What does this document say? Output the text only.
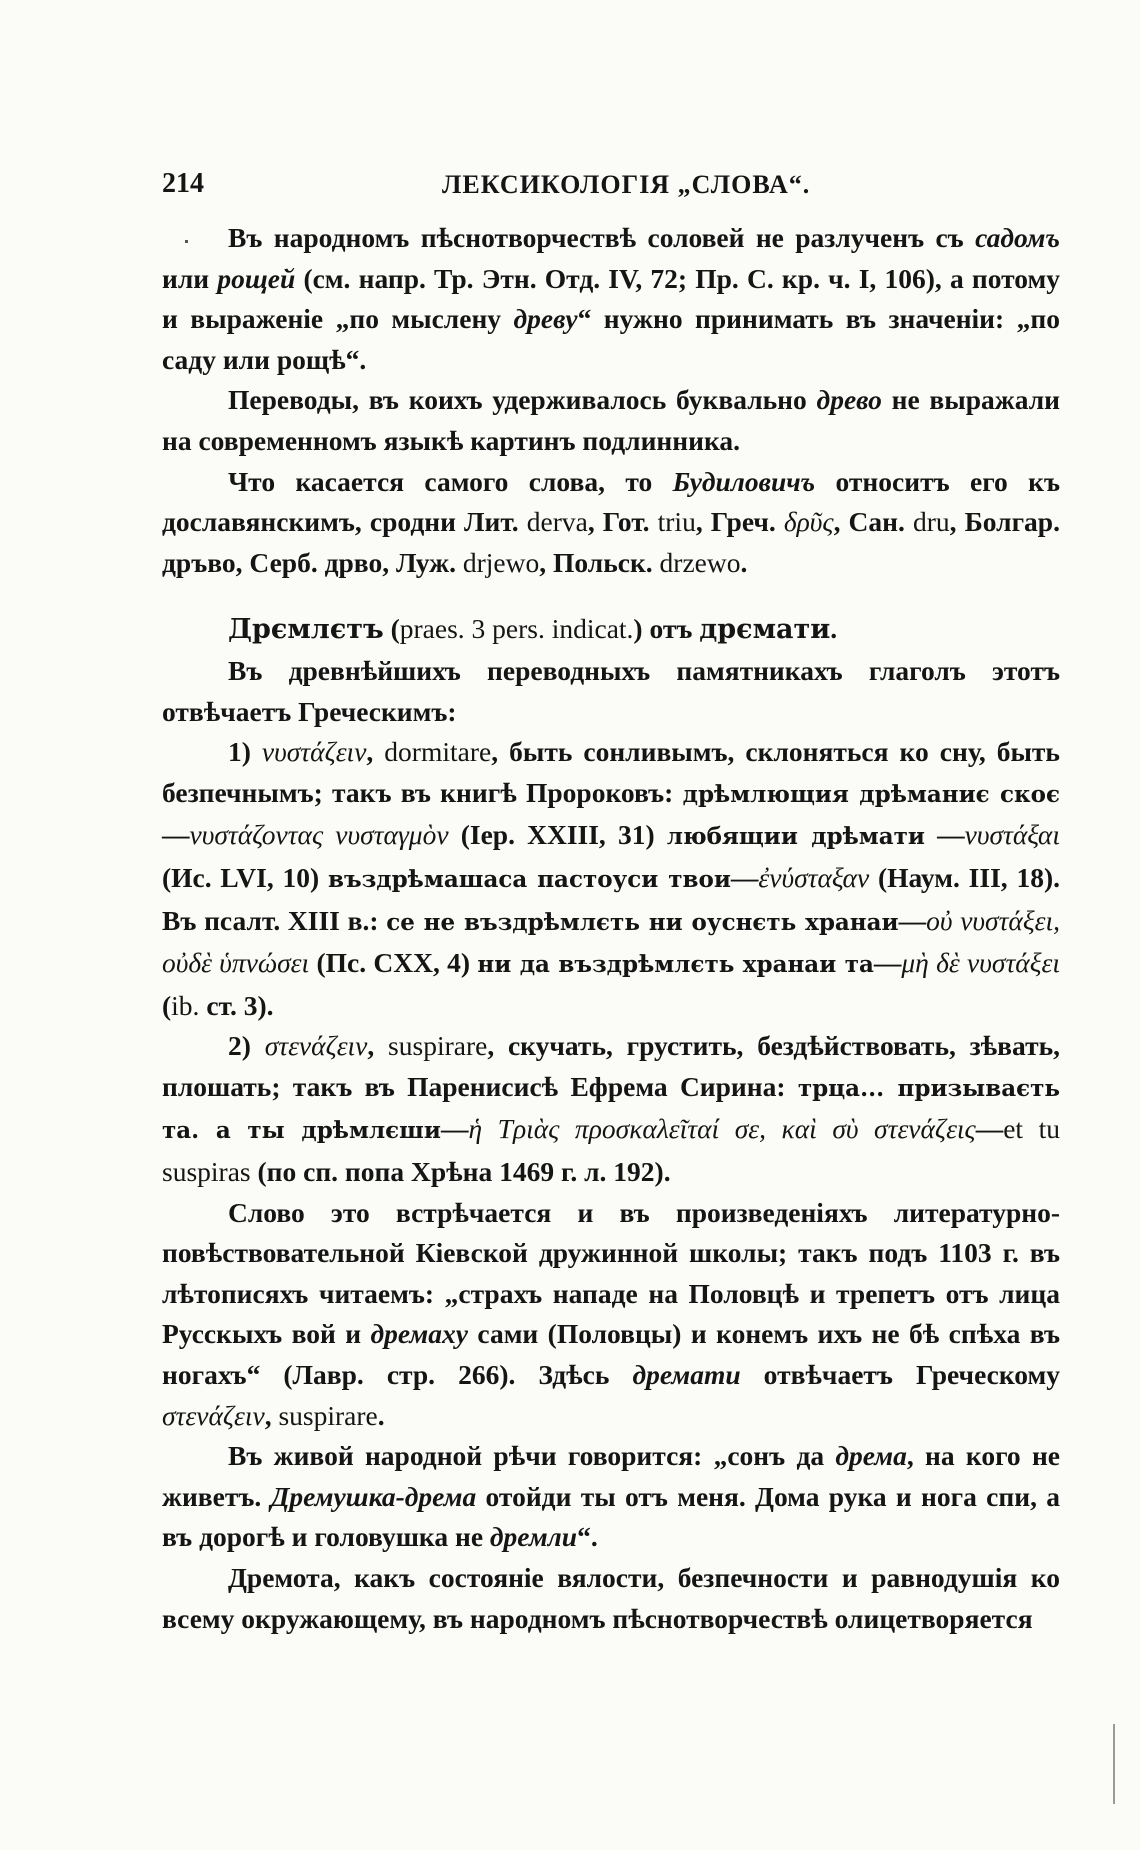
214	ЛЕКСИКОЛОГІЯ „СЛОВА“.

Въ народномъ пѣснотворчествѣ соловей не разлученъ съ садомъ или рощей (см. напр. Тр. Этн. Отд. IV, 72; Пр. С. кр. ч. I, 106), а потому и выраженіе „по мыслену древу“ нужно принимать въ значеніи: „по саду или рощѣ“.

Переводы, въ коихъ удерживалось буквально древо не выражали на современномъ языкѣ картинъ подлинника.

Что касается самого слова, то Будиловичъ относитъ его къ дославянскимъ, сродни Лит. dervа, Гот. triu, Греч. δρῦς, Сан. dru, Болгар. дръво, Серб. дрво, Луж. drjewo, Польск. drzewo.

Дрємлєтъ (praes. 3 pers. indicat.) отъ дрємати.

Въ древнѣйшихъ переводныхъ памятникахъ глаголъ этотъ отвѣчаетъ Греческимъ:

1) νυστάζειν, dormitare, быть сонливымъ, склоняться ко сну, быть безпечнымъ; такъ въ книгѣ Пророковъ: дрѣмлющия дрѣманиє скоє—νυστάζοντας νυσταγμὸν (Iер. XXIII, 31) любящии дрѣмати —νυστάξαι (Ис. LVI, 10) въздрѣмашаса пастоуси твои—ἐνύσταξαν (Наум. III, 18). Въ псалт. XIII в.: се не въздрѣмлєть ни оуснєть хранаи—οὐ νυστάξει, οὐδὲ ὑπνώσει (Пс. CXX, 4) ни да въздрѣмлєть хранаи та—μὴ δὲ νυστάξει (ib. ст. 3).

2) στενάζειν, suspirare, скучать, грустить, бездѣйствовать, зѣвать, плошать; такъ въ Паренисисѣ Ефрема Сирина: трца... призываєть та. а ты дрѣмлєши—ἡ Τριὰς προσκαλεῖταί σε, καὶ σὺ στενάζεις—et tu suspiras (по сп. попа Хрѣна 1469 г. л. 192).

Слово это встрѣчается и въ произведеніяхъ литературно-повѣствовательной Кіевской дружинной школы; такъ подъ 1103 г. въ лѣтописяхъ читаемъ: „страхъ нападе на Половцѣ и трепетъ отъ лица Русскыхъ вой и дремаху сами (Половцы) и конемъ ихъ не бѣ спѣха въ ногахъ“ (Лавр. стр. 266). Здѣсь дремати отвѣчаетъ Греческому στενάζειν, suspirare.

Въ живой народной рѣчи говорится: „сонъ да дрема, на кого не живетъ. Дремушка-дрема отойди ты отъ меня. Дома рука и нога спи, а въ дорогѣ и головушка не дремли“.

Дремота, какъ состояніе вялости, безпечности и равнодушія ко всему окружающему, въ народномъ пѣснотворчествѣ олицетворяется
